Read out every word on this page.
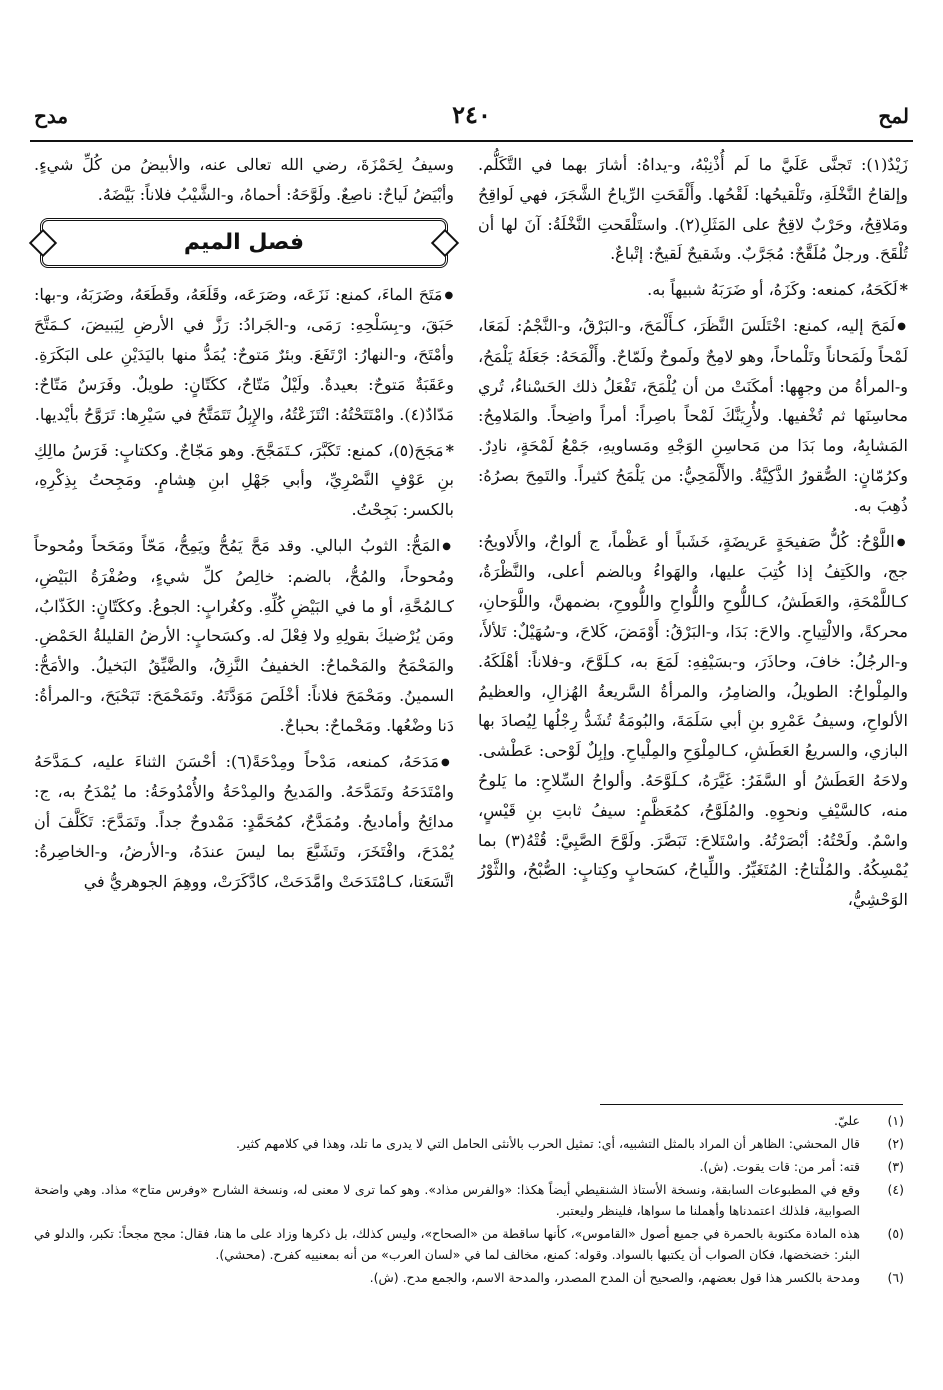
لمح
٢٤٠
مدح

زَيْدٌ(١): تَجنَّى عَلَيَّ ما لَم أُذْنِبْهُ، و-يداهُ: أشارَ بهما في التَّكَلُّم. وإلقاحُ النَّخْلَةِ، وتَلْقيحُها: لَقْحُها. وأَلْقَحَتِ الرِّياحُ الشَّجَرَ، فهي لَواقِحُ ومَلاقِحُ، وحَرْبٌ لاقِحٌ على المَثَلِ(٢). واستَلْقَحتِ النَّخْلَةُ: آنَ لها أن تُلْقَحَ. ورجلٌ مُلَقَّحٌ: مُجَرَّبٌ. وشَقيحٌ لَقيحٌ: إتْباعٌ.

* لَكَحَهُ، كمنعه: وكَزَهُ، أو ضَرَبَهُ شبيهاً به.

● لَمَحَ إليه، كمنع: اخْتَلَسَ النَّظَرَ، كـأَلْمَحَ، و-البَرْقُ، و-النَّجْمُ: لَمَعَا، لَمْحاً ولَمَحاناً وتَلْماحاً، وهو لامِحٌ ولَموحٌ ولَمّاحٌ. وأَلْمَحَهُ: جَعَلَهُ يَلْمَحُ، و-المرأةُ من وجهِها: أمكَنَتْ من أن يُلْمَحَ، تَفْعَلُ ذلك الحَسْناءُ، تُري محاسِنَها ثم تُخْفيها. ولأُرِيَنَّكَ لَمْحاً باصِراً: أمراً واضِحاً. والمَلامِحُ: المَشابِهُ، وما بَدَا من مَحاسِنِ الوَجْهِ ومَساويهِ، جَمْعُ لَمْحَةٍ، نادِرٌ. وكرُمّانٍ: الصُّقورُ الذَّكِيَّةُ. والأَلْمَحِيُّ: من يَلْمَحُ كثيراً. والتَمِحَ بصرُهُ: ذُهِبَ به.

● اللَّوْحُ: كُلُّ صَفيحَةٍ عَريضَةٍ، خَشَباً أو عَظْماً، ج ألواحٌ، والأَلاويحُ: جج، والكَتِفُ إذا كُتِبَ عليها، والهَواءُ وبالضم أعلى، والنَّظْرَةُ، كـاللَّمْحَةِ، والعَطَشُ، كـاللُّوحِ واللُّواحِ واللُّووحِ، بضمهنَّ، واللَّوَحانِ، محركةً، والالْتِياحِ. والاحَ: بَدَا، و-البَرْقُ: أَوْمَضَ، كَلاحَ، و-سُهَيْلٌ: تَلألأَ، و-الرجُلُ: خافَ، وحاذَرَ، و-بسَيْفِهِ: لَمَعَ به، كـلَوَّحَ، و-فلاناً: أهْلَكَهُ. والمِلْواحُ: الطويلُ، والضامِرُ، والمرأةُ السَّريعةُ الهُزالِ، والعظيمُ الألواحِ، وسيفُ عَمْرِو بنِ أبي سَلَمَةَ، والبُومَةُ تُشَدُّ رِجْلُها لِيُصادَ بها البازي، والسريعُ العَطَشِ، كـالمِلْوَحِ والمِلْياحِ. وإبِلٌ لَوْحى: عَطْشى. ولاحَهُ العَطَشُ أو السَّفَرُ: غَيَّرَهُ، كـلَوَّحَهُ. وألواحُ السِّلاحِ: ما يَلوحُ منه، كالسَّيْفِ ونحوِهِ. والمُلَوَّحُ، كمُعَظَّمٍ: سيفُ ثابتِ بنِ قَيْسٍ، واسْمٌ. ولَحْتُهُ: أبْصَرْتُهُ. واسْتَلاحَ: تَبَصَّرَ. ولَوَّحَ الصَّبِيَّ: قُتْهُ(٣) بما يُمْسِكُهُ. والمُلْتاحُ: المُتَغَيِّرُ. واللِّياحُ، كسَحابٍ وكِتابٍ: الصُّبْحُ، والثَّوْرُ الوَحْشِيُّ،

وسيفُ لِحَمْزَةَ، رضي الله تعالى عنه، والأبيضُ من كُلِّ شيءٍ. وأبْيَضُ لَياحٌ: ناصِعٌ. ولَوَّحَهُ: أحماهُ، و-الشَّيْبُ فلاناً: بَيَّضَهُ.

فصل الميم

● مَتَحَ الماءَ، كمنع: نَزَعَه، وصَرَعَه، وقَلَعَهُ، وقَطَعَهُ، وضَرَبَهُ، و-بها: حَبَقَ، و-بِسَلْحِهِ: رَمَى، و-الجَرادُ: رَزَّ في الأرضِ لِيَبيضَ، كـمَتَّحَ وأمْتَحَ، و-النهارُ: ارْتَفَعَ. وبئرٌ مَتوحٌ: يُمَدُّ منها باليَدَيْنِ على البَكَرَةِ. وعَقَبَةٌ مَتوحٌ: بعيدةٌ. ولَيْلٌ مَتّاحٌ، ككَتّانٍ: طويلٌ. وفَرَسٌ مَتّاحٌ: مَدّادٌ(٤). وامْتَتَحْتُهُ: انْتَزَعْتُهُ، والإِبِلُ تَتَمَتَّحُ في سَيْرِها: تَرَوَّحُ بأيْديها.

* مَجَحَ(٥)، كمنع: تَكَبَّرَ، كـتَمَجَّحَ. وهو مَجّاحٌ. وككتابٍ: فَرَسُ مالِكِ بنِ عَوْفٍ النَّصْرِيِّ، وأبي جَهْلِ ابنِ هِشامٍ. ومَجِحتُ بِذِكْرِهِ، بالكسر: بَجِحْتُ.

● المَحُّ: الثوبُ البالي. وقد مَحَّ يَمُحُّ ويَمِحُّ، مَحّاً ومَحَحاً ومُحوحاً ومُحوحاً، والمُحُّ، بالضم: خالِصُ كلِّ شيءٍ، وصُفْرَةُ البَيْضِ، كـالمُحَّةِ، أو ما في البَيْضِ كُلِّهِ. وكغُرابٍ: الجوعُ. وككَتّانٍ: الكَذّابُ، ومَن يُرْضيكَ بقولِهِ ولا فِعْلَ له. وكسَحابٍ: الأرضُ القليلةُ الحَمْضِ. والمَحْمَحُ والمَحْماحُ: الخفيفُ النَّزِقُ، والضَّيِّقُ البَخيلُ. والأمَحُّ: السمينُ. ومَحْمَحَ فلاناً: أخْلَصَ مَوَدَّتَهُ. وتَمَحْمَحَ: تَبَحْبَحَ، و-المرأةُ: دَنا وضْعُها. ومَحْماحٌ: بحباحٌ.

● مَدَحَهُ، كمنعه، مَدْحاً ومِدْحَةً(٦): أحْسَنَ الثناءَ عليه، كـمَدَّحَهُ وامْتَدَحَهُ وتَمَدَّحَهُ. والمَديحُ والمِدْحَةُ والأُمْدُوحَةُ: ما يُمْدَحُ به، ج: مدائِحُ وأماديحُ. ومُمَدَّحٌ، كمُحَمَّدٍ: مَمْدوحٌ جداً. وتَمَدَّحَ: تَكَلَّفَ أن يُمْدَحَ، وافْتَخَرَ، وتَشَبَّعَ بما ليسَ عندَهُ، و-الأرضُ، و-الخاصِرةُ: اتَّسَعَتا، كـامْتَدَحَتْ وامَّدَحَتْ، كادَّكَرَتْ، ووهِمَ الجوهريُّ في

(١)
عليّ.
(٢)
قال المحشي: الظاهر أن المراد بالمثل التشبيه، أي: تمثيل الحرب بالأنثى الحامل التي لا يدرى ما تلد، وهذا في كلامهم كثير.
(٣)
قته: أمر من: قات يقوت. (ش).
(٤)
وقع في المطبوعات السابقة، ونسخة الأستاذ الشنقيطي أيضاً هكذا: «والفرس مذاد». وهو كما ترى لا معنى له، ونسخة الشارح «وفرس متاح» مذاد. وهي واضحة الصوابية، فلذلك اعتمدناها وأهملنا ما سواها، فلينظر وليعتبر.
(٥)
هذه المادة مكتوبة بالحمرة في جميع أصول «القاموس»، كأنها ساقطة من «الصحاح»، وليس كذلك، بل ذكرها وزاد على ما هنا، فقال: مجح مجحاً: تكبر، والدلو في البئر: خضخضها، فكان الصواب أن يكتبها بالسواد. وقوله: كمنع، مخالف لما في «لسان العرب» من أنه بمعنييه كفرح. (محشي).
(٦)
ومدحة بالكسر هذا قول بعضهم، والصحيح أن المدح المصدر، والمدحة الاسم، والجمع مدح. (ش).
